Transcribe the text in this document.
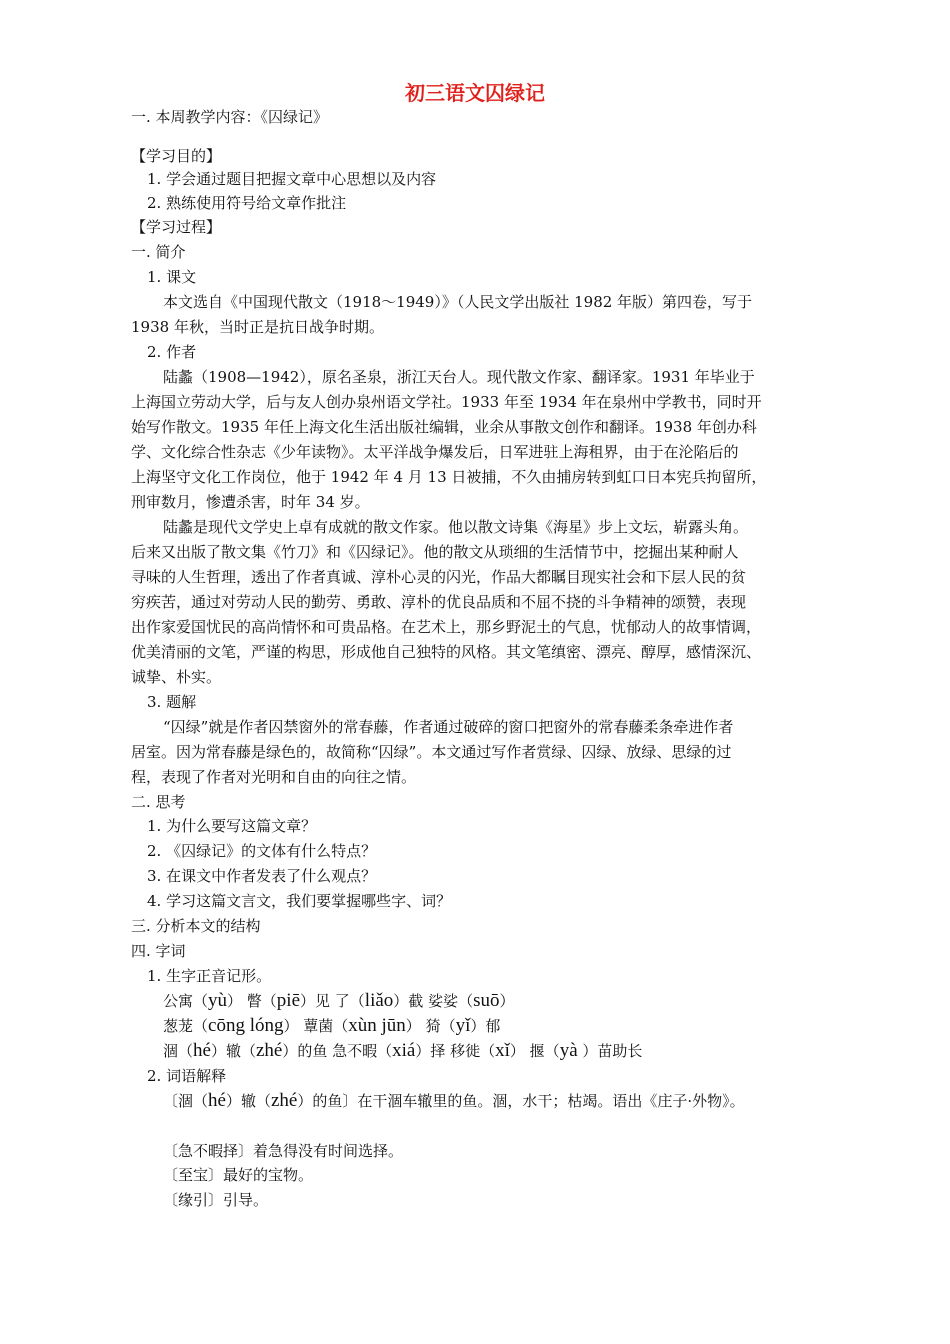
初三语文囚绿记
一. 本周教学内容：《囚绿记》
【学习目的】
1. 学会通过题目把握文章中心思想以及内容
2. 熟练使用符号给文章作批注
【学习过程】
一. 简介
1. 课文
本文选自《中国现代散文（1918～1949）》（人民文学出版社 1982 年版）第四卷，写于
1938 年秋，当时正是抗日战争时期。
2. 作者
陆蠡（1908—1942），原名圣泉，浙江天台人。现代散文作家、翻译家。1931 年毕业于
上海国立劳动大学，后与友人创办泉州语文学社。1933 年至 1934 年在泉州中学教书，同时开
始写作散文。1935 年任上海文化生活出版社编辑，业余从事散文创作和翻译。1938 年创办科
学、文化综合性杂志《少年读物》。太平洋战争爆发后，日军进驻上海租界，由于在沦陷后的
上海坚守文化工作岗位，他于 1942 年 4 月 13 日被捕，不久由捕房转到虹口日本宪兵拘留所，
刑审数月，惨遭杀害，时年 34 岁。
陆蠡是现代文学史上卓有成就的散文作家。他以散文诗集《海星》步上文坛，崭露头角。
后来又出版了散文集《竹刀》和《囚绿记》。他的散文从琐细的生活情节中，挖掘出某种耐人
寻味的人生哲理，透出了作者真诚、淳朴心灵的闪光，作品大都瞩目现实社会和下层人民的贫
穷疾苦，通过对劳动人民的勤劳、勇敢、淳朴的优良品质和不屈不挠的斗争精神的颂赞，表现
出作家爱国忧民的高尚情怀和可贵品格。在艺术上，那乡野泥土的气息，忧郁动人的故事情调，
优美清丽的文笔，严谨的构思，形成他自己独特的风格。其文笔缜密、漂亮、醇厚，感情深沉、
诚挚、朴实。
3. 题解
“囚绿”就是作者囚禁窗外的常春藤，作者通过破碎的窗口把窗外的常春藤柔条牵进作者
居室。因为常春藤是绿色的，故简称“囚绿”。本文通过写作者赏绿、囚绿、放绿、思绿的过
程，表现了作者对光明和自由的向往之情。
二. 思考
1. 为什么要写这篇文章？
2. 《囚绿记》的文体有什么特点？
3. 在课文中作者发表了什么观点？
4. 学习这篇文言文，我们要掌握哪些字、词？
三. 分析本文的结构
四. 字词
1. 生字正音记形。
公寓（yù） 瞥（piē）见 了（liǎo）截 娑娑（suō）
葱茏（cōng lóng） 蕈菌（xùn jūn） 猗（yǐ）郁
涸（hé）辙（zhé）的鱼 急不暇（xiá）择 移徙（xǐ） 揠（yà ）苗助长
2. 词语解释
〔涸（hé）辙（zhé）的鱼〕在干涸车辙里的鱼。涸，水干；枯竭。语出《庄子·外物》。
〔急不暇择〕着急得没有时间选择。
〔至宝〕最好的宝物。
〔缘引〕引导。
